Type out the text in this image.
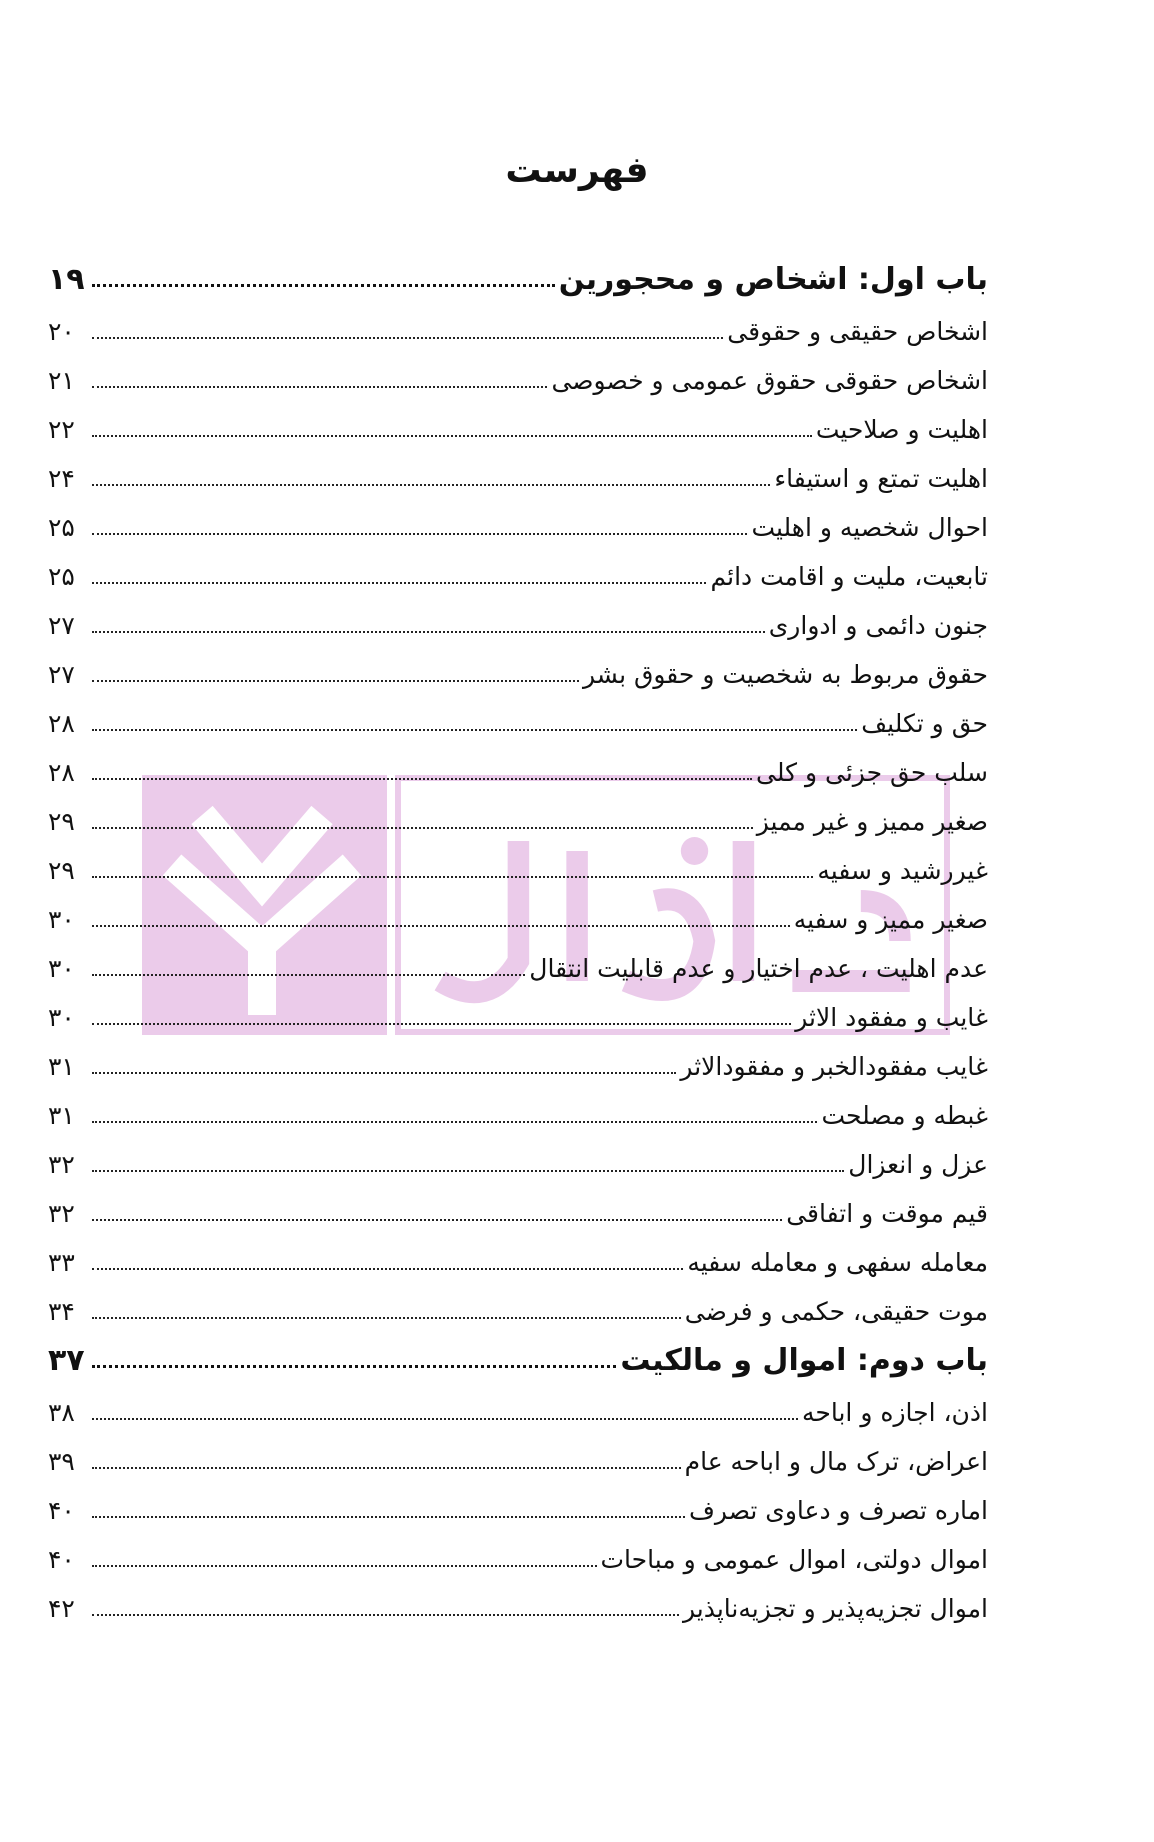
فهرست
باب اول: اشخاص و محجورین
۱۹
اشخاص حقیقی و حقوقی
۲۰
اشخاص حقوقی حقوق عمومی و خصوصی
۲۱
اهلیت و صلاحیت
۲۲
اهلیت تمتع و استیفاء
۲۴
احوال شخصیه و اهلیت
۲۵
تابعیت، ملیت و اقامت دائم
۲۵
جنون دائمی و ادواری
۲۷
حقوق مربوط به شخصیت و حقوق بشر
۲۷
حق و تکلیف
۲۸
سلب حق جزئی و کلی
۲۸
صغیر ممیز و غیر ممیز
۲۹
غیررشید و سفیه
۲۹
صغیر ممیز و سفیه
۳۰
عدم اهلیت ، عدم اختیار و عدم قابلیت انتقال
۳۰
غایب و مفقود الاثر
۳۰
غایب مفقودالخبر و مفقودالاثر
۳۱
غبطه و مصلحت
۳۱
عزل و انعزال
۳۲
قیم موقت و اتفاقی
۳۲
معامله سفهی و معامله سفیه
۳۳
موت حقیقی، حکمی و فرضی
۳۴
باب دوم: اموال و مالکیت
۳۷
اذن، اجازه و اباحه
۳۸
اعراض، ترک مال و اباحه عام
۳۹
اماره تصرف و دعاوی تصرف
۴۰
اموال دولتی، اموال عمومی و مباحات
۴۰
اموال تجزیه‌پذیر و تجزیه‌ناپذیر
۴۲
